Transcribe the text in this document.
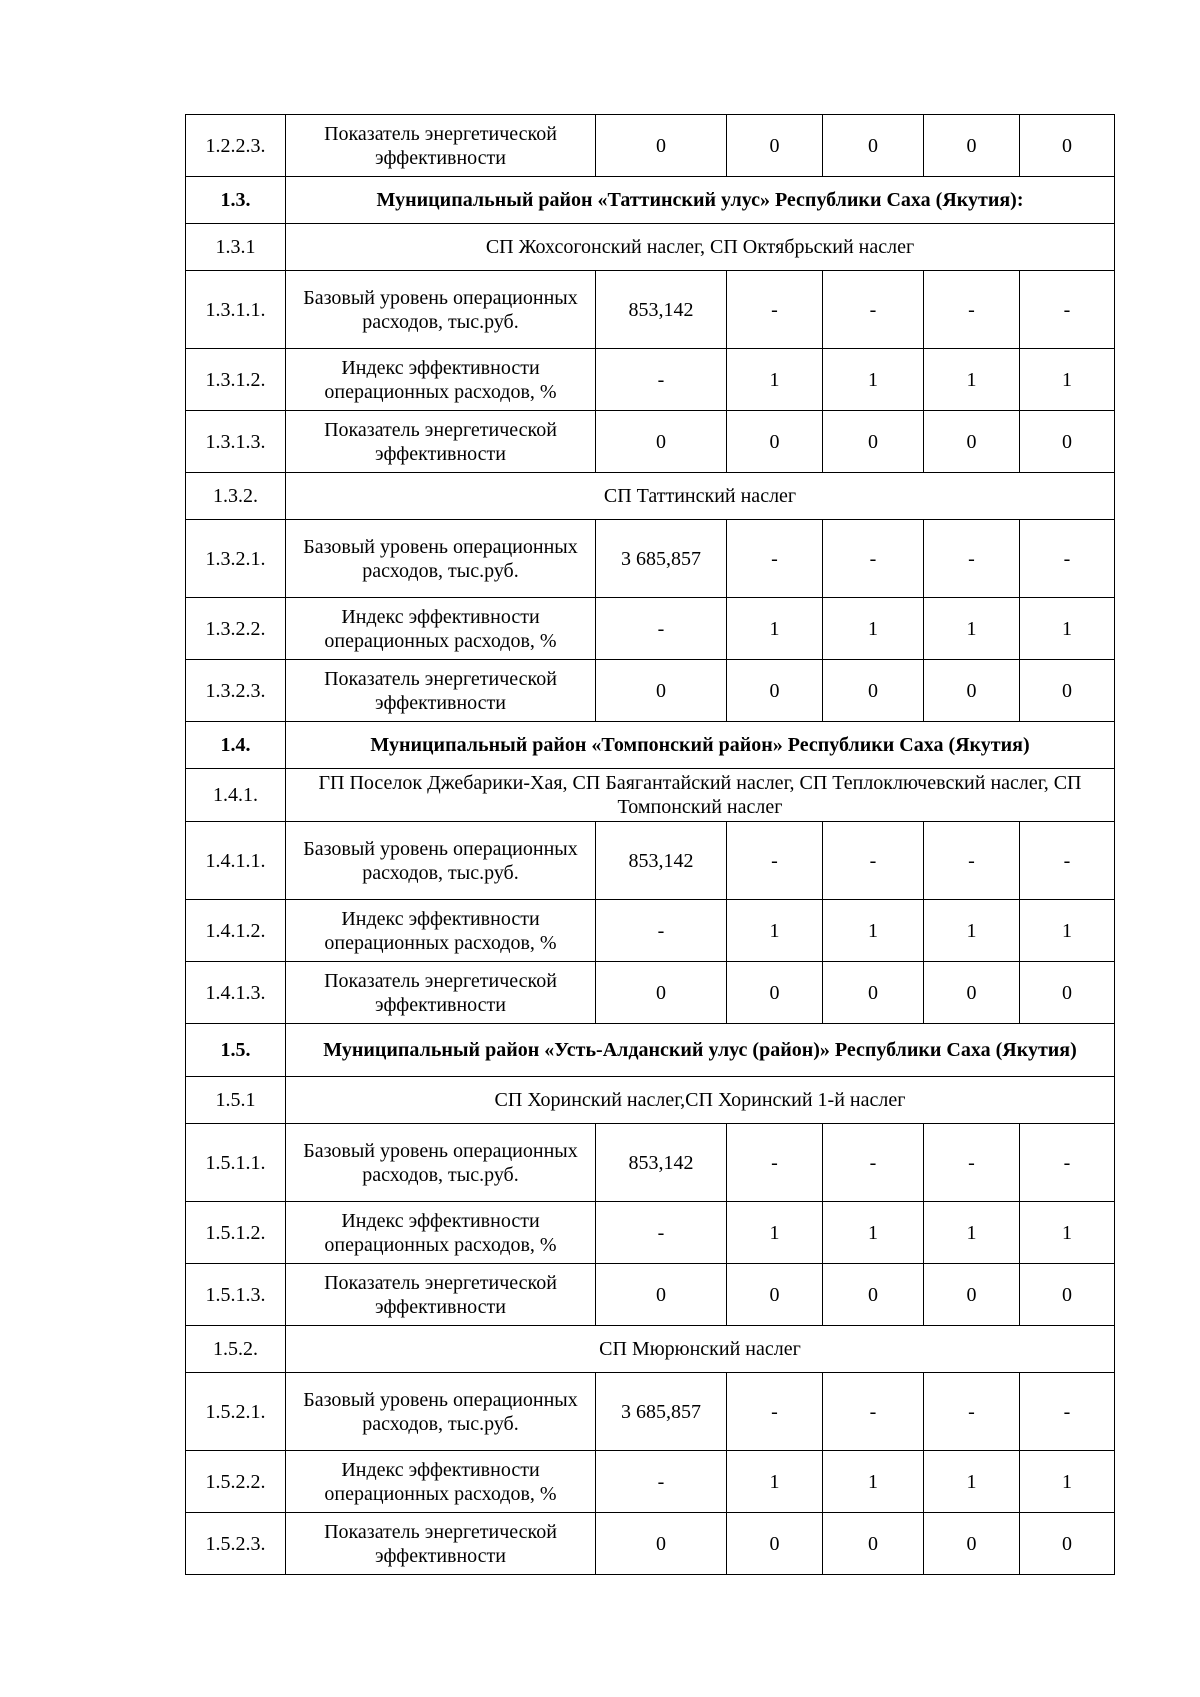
1.2.2.3.	Показатель энергетической эффективности	0	0	0	0	0
1.3.	Муниципальный район «Таттинский улус» Республики Саха (Якутия):					
1.3.1	СП Жохсогонский наслег, СП Октябрьский наслег					
1.3.1.1.	Базовый уровень операционных расходов, тыс.руб.	853,142	-	-	-	-
1.3.1.2.	Индекс эффективности операционных расходов, %	-	1	1	1	1
1.3.1.3.	Показатель энергетической эффективности	0	0	0	0	0
1.3.2.	СП Таттинский наслег					
1.3.2.1.	Базовый уровень операционных расходов, тыс.руб.	3 685,857	-	-	-	-
1.3.2.2.	Индекс эффективности операционных расходов, %	-	1	1	1	1
1.3.2.3.	Показатель энергетической эффективности	0	0	0	0	0
1.4.	Муниципальный район «Томпонский район» Республики Саха (Якутия)					
1.4.1.	ГП Поселок Джебарики-Хая, СП Баягантайский наслег, СП Теплоключевский наслег, СП Томпонский наслег					
1.4.1.1.	Базовый уровень операционных расходов, тыс.руб.	853,142	-	-	-	-
1.4.1.2.	Индекс эффективности операционных расходов, %	-	1	1	1	1
1.4.1.3.	Показатель энергетической эффективности	0	0	0	0	0
1.5.	Муниципальный район «Усть-Алданский улус (район)» Республики Саха (Якутия)					
1.5.1	СП Хоринский наслег,СП Хоринский 1-й наслег					
1.5.1.1.	Базовый уровень операционных расходов, тыс.руб.	853,142	-	-	-	-
1.5.1.2.	Индекс эффективности операционных расходов, %	-	1	1	1	1
1.5.1.3.	Показатель энергетической эффективности	0	0	0	0	0
1.5.2.	СП Мюрюнский наслег					
1.5.2.1.	Базовый уровень операционных расходов, тыс.руб.	3 685,857	-	-	-	-
1.5.2.2.	Индекс эффективности операционных расходов, %	-	1	1	1	1
1.5.2.3.	Показатель энергетической эффективности	0	0	0	0	0
